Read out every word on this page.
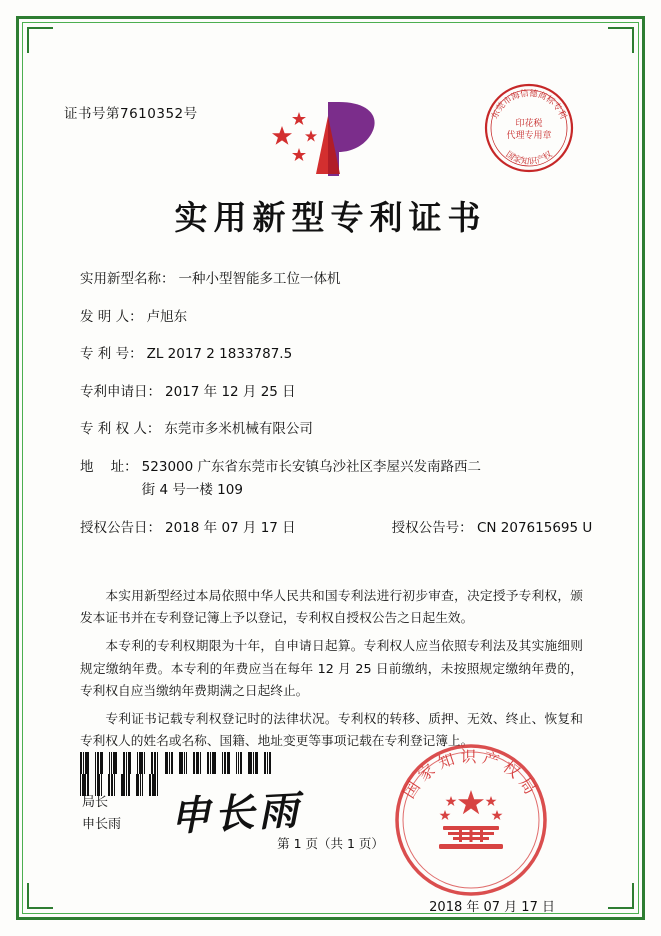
证书号第7610352号	东莞市海信德商标专利
印花税
代理专用章
国家知识产权
实用新型专利证书
实用新型名称： 一种小型智能多工位一体机
发 明 人： 卢旭东
专 利 号： ZL 2017 2 1833787.5
专利申请日： 2017 年 12 月 25 日
专 利 权 人： 东莞市多米机械有限公司
地    址： 523000 广东省东莞市长安镇乌沙社区李屋兴发南路西二
街 4 号一楼 109
授权公告日： 2018 年 07 月 17 日	授权公告号： CN 207615695 U

本实用新型经过本局依照中华人民共和国专利法进行初步审查，决定授予专利权，颁发本证书并在专利登记簿上予以登记，专利权自授权公告之日起生效。

本专利的专利权期限为十年，自申请日起算。专利权人应当依照专利法及其实施细则规定缴纳年费。本专利的年费应当在每年 12 月 25 日前缴纳，未按照规定缴纳年费的，专利权自应当缴纳年费期满之日起终止。

专利证书记载专利权登记时的法律状况。专利权的转移、质押、无效、终止、恢复和专利权人的姓名或名称、国籍、地址变更等事项记载在专利登记簿上。

局长
申长雨 申长雨	国家知识产权局
2018 年 07 月 17 日
第 1 页（共 1 页）
